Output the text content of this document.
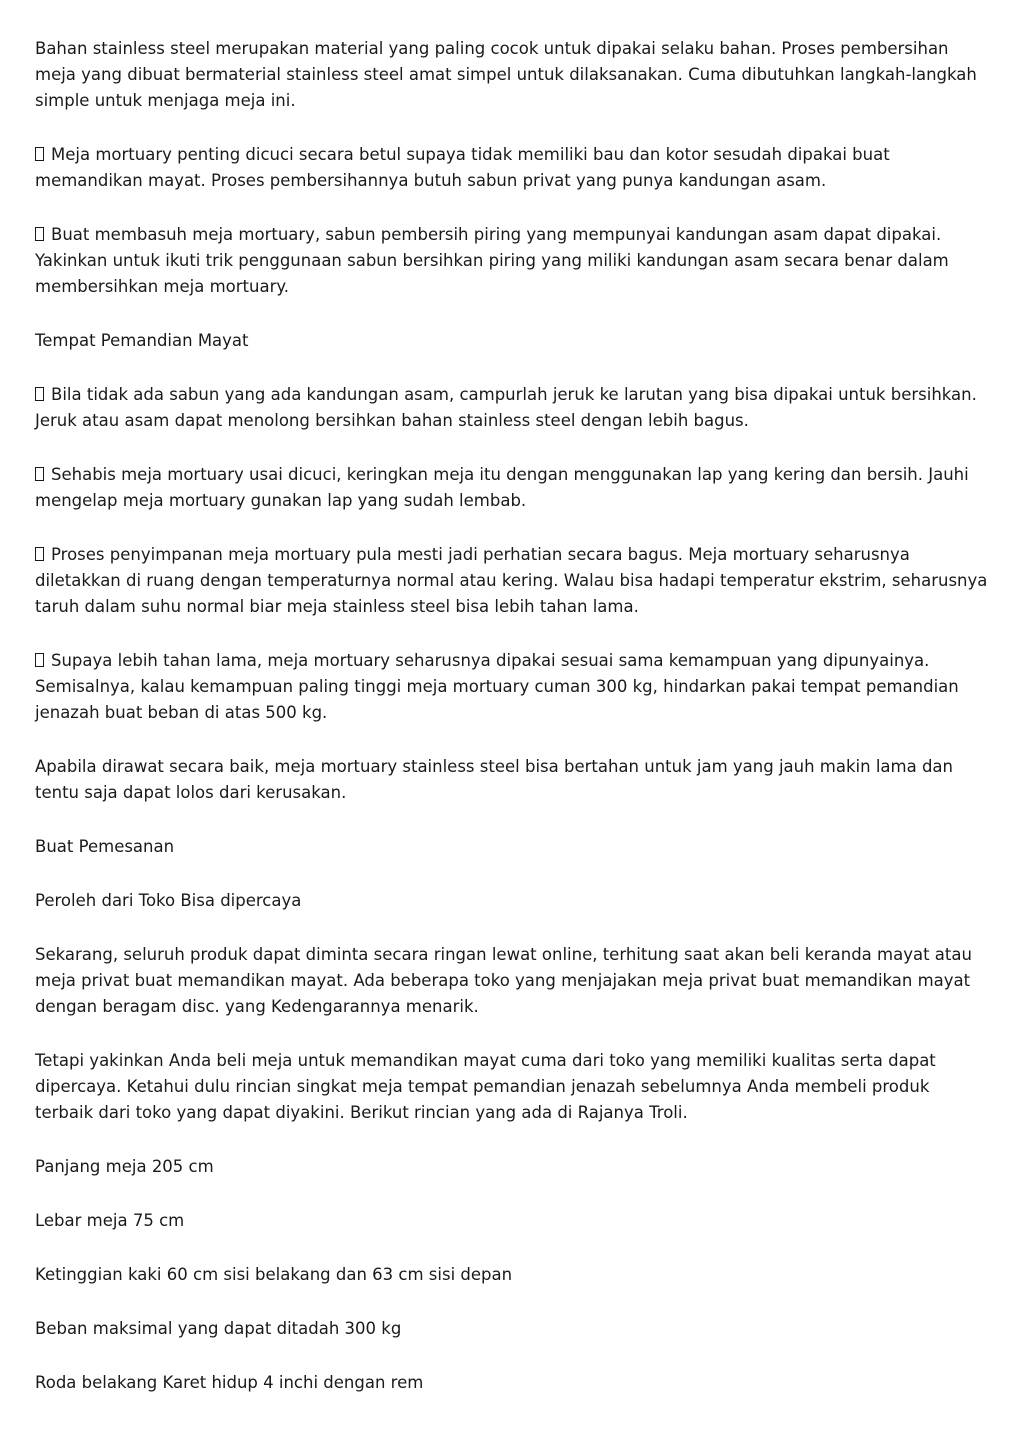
Bahan stainless steel merupakan material yang paling cocok untuk dipakai selaku bahan. Proses pembersihan meja yang dibuat bermaterial stainless steel amat simpel untuk dilaksanakan. Cuma dibutuhkan langkah-langkah simple untuk menjaga meja ini.

Meja mortuary penting dicuci secara betul supaya tidak memiliki bau dan kotor sesudah dipakai buat memandikan mayat. Proses pembersihannya butuh sabun privat yang punya kandungan asam.

Buat membasuh meja mortuary, sabun pembersih piring yang mempunyai kandungan asam dapat dipakai. Yakinkan untuk ikuti trik penggunaan sabun bersihkan piring yang miliki kandungan asam secara benar dalam membersihkan meja mortuary.

Tempat Pemandian Mayat

Bila tidak ada sabun yang ada kandungan asam, campurlah jeruk ke larutan yang bisa dipakai untuk bersihkan. Jeruk atau asam dapat menolong bersihkan bahan stainless steel dengan lebih bagus.

Sehabis meja mortuary usai dicuci, keringkan meja itu dengan menggunakan lap yang kering dan bersih. Jauhi mengelap meja mortuary gunakan lap yang sudah lembab.

Proses penyimpanan meja mortuary pula mesti jadi perhatian secara bagus. Meja mortuary seharusnya diletakkan di ruang dengan temperaturnya normal atau kering. Walau bisa hadapi temperatur ekstrim, seharusnya taruh dalam suhu normal biar meja stainless steel bisa lebih tahan lama.

Supaya lebih tahan lama, meja mortuary seharusnya dipakai sesuai sama kemampuan yang dipunyainya. Semisalnya, kalau kemampuan paling tinggi meja mortuary cuman 300 kg, hindarkan pakai tempat pemandian jenazah buat beban di atas 500 kg.

Apabila dirawat secara baik, meja mortuary stainless steel bisa bertahan untuk jam yang jauh makin lama dan tentu saja dapat lolos dari kerusakan.

Buat Pemesanan

Peroleh dari Toko Bisa dipercaya

Sekarang, seluruh produk dapat diminta secara ringan lewat online, terhitung saat akan beli keranda mayat atau meja privat buat memandikan mayat. Ada beberapa toko yang menjajakan meja privat buat memandikan mayat dengan beragam disc. yang Kedengarannya menarik.

Tetapi yakinkan Anda beli meja untuk memandikan mayat cuma dari toko yang memiliki kualitas serta dapat dipercaya. Ketahui dulu rincian singkat meja tempat pemandian jenazah sebelumnya Anda membeli produk terbaik dari toko yang dapat diyakini. Berikut rincian yang ada di Rajanya Troli.

Panjang meja 205 cm

Lebar meja 75 cm

Ketinggian kaki 60 cm sisi belakang dan 63 cm sisi depan

Beban maksimal yang dapat ditadah 300 kg

Roda belakang Karet hidup 4 inchi dengan rem
